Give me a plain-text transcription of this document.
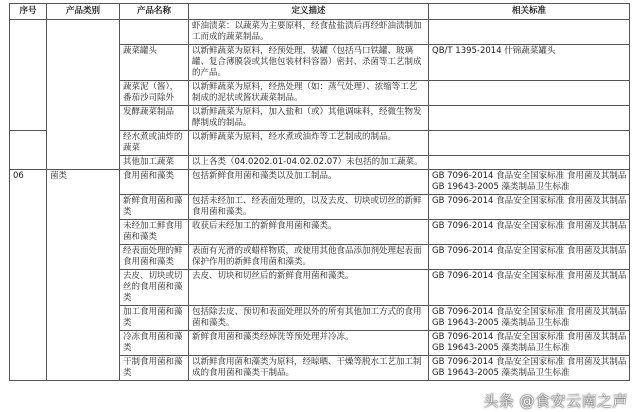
序号	产品类别	产品名称	定义描述	相关标准
			虾油渍菜：以蔬菜为主要原料，经食盐盐渍后再经虾油渍制加工而成的蔬菜制品。	
		蔬菜罐头	以新鲜蔬菜为原料，经预处理、装罐（包括马口铁罐、玻璃罐、复合薄膜袋或其他包装材料容器）密封、杀菌等工艺制成的产品。	QB/T 1395-2014 什锦蔬菜罐头
		蔬菜泥（酱），番茄沙司除外	以新鲜蔬菜为原料，经热处理（如：蒸气处理）、浓缩等工艺制成的泥状或酱状蔬菜制品。	
		发酵蔬菜制品	以新鲜蔬菜为原料，加入盐和（或）其他调味料，经微生物发酵制成的制品。	
		经水煮或油炸的蔬菜	以新鲜蔬菜为原料，经水煮或油炸等工艺制成的制品。	
		其他加工蔬菜	以上各类（04.0202.01-04.02.02.07）未包括的加工蔬菜。	
06	菌类	食用菌和藻类	包括新鲜食用菌和藻类以及加工制品。	GB 7096-2014 食品安全国家标准 食用菌及其制品
GB 19643-2005 藻类制品卫生标准
		新鲜食用菌和藻类	包括未经加工、经表面处理的，以及去皮、切块或切丝的新鲜食用菌和藻类。	GB 7096-2014 食品安全国家标准 食用菌及其制品
		未经加工鲜食用菌和藻类	收获后未经加工的新鲜食用菌和藻类。	GB 7096-2014 食品安全国家标准 食用菌及其制品
		经表面处理的鲜食用菌和藻类	表面有光滑的或蜡样物质，或使用其他食品添加剂处理起表面保护作用的新鲜食用菌和藻类。	GB 7096-2014 食品安全国家标准 食用菌及其制品
		去皮、切块或切丝的食用菌和藻类	去皮、切块和切丝后的新鲜食用菌和藻类。	GB 7096-2014 食品安全国家标准 食用菌及其制品
		加工食用菌和藻类	包括除去皮、预切和表面处理以外的所有其他加工方式的食用菌和藻类。	GB 7096-2014 食品安全国家标准 食用菌及其制品
GB 19643-2005 藻类制品卫生标准
		冷冻食用菌和藻类	新鲜食用菌和藻类经焯洗等预处理并冷冻。	GB 7096-2014 食品安全国家标准 食用菌及其制品
GB 19643-2005 藻类制品卫生标准
		干制食用菌和藻类	以新鲜食用菌和藻类为原料，经晾晒、干燥等脱水工艺加工制成的食用菌和藻类干制品。	GB 7096-2014 食品安全国家标准 食用菌及其制品
GB 19643-2005 藻类制品卫生标准
头条 @食安云南之声
